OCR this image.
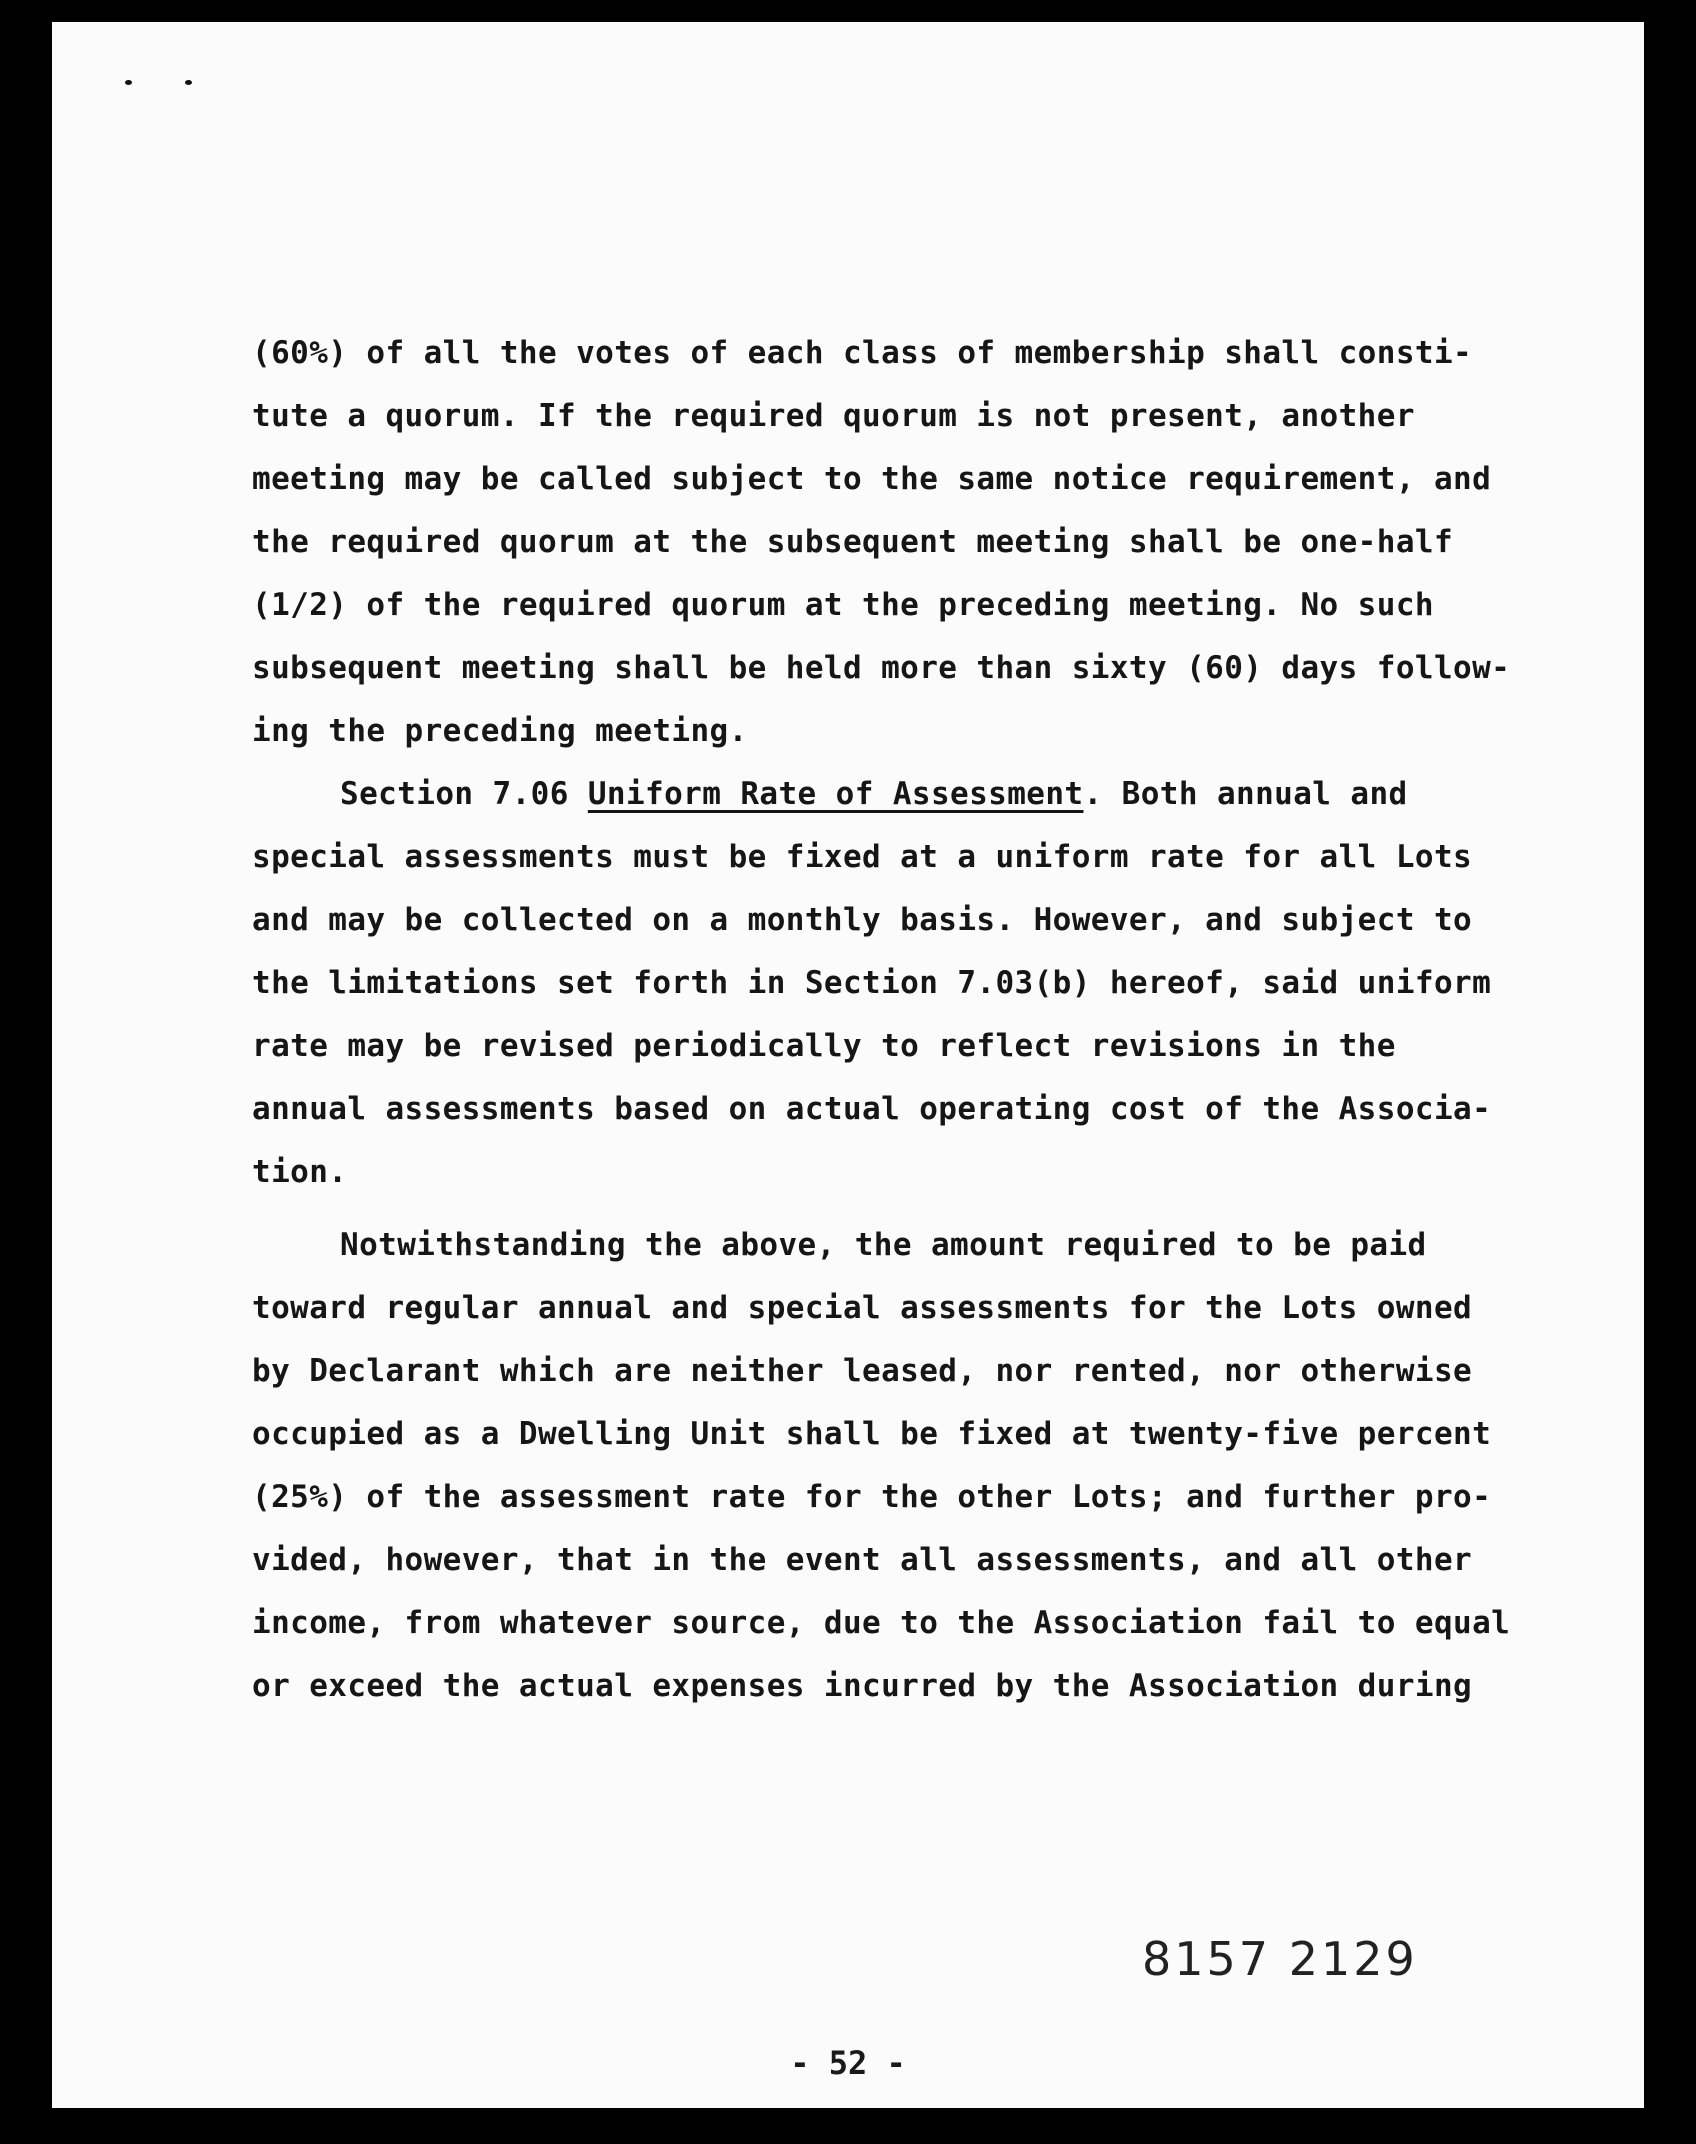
(60%) of all the votes of each class of membership shall consti-
tute a quorum. If the required quorum is not present, another
meeting may be called subject to the same notice requirement, and
the required quorum at the subsequent meeting shall be one-half
(1/2) of the required quorum at the preceding meeting. No such
subsequent meeting shall be held more than sixty (60) days follow-
ing the preceding meeting.
Section 7.06 Uniform Rate of Assessment. Both annual and
special assessments must be fixed at a uniform rate for all Lots
and may be collected on a monthly basis. However, and subject to
the limitations set forth in Section 7.03(b) hereof, said uniform
rate may be revised periodically to reflect revisions in the
annual assessments based on actual operating cost of the Associa-
tion.
Notwithstanding the above, the amount required to be paid
toward regular annual and special assessments for the Lots owned
by Declarant which are neither leased, nor rented, nor otherwise
occupied as a Dwelling Unit shall be fixed at twenty-five percent
(25%) of the assessment rate for the other Lots; and further pro-
vided, however, that in the event all assessments, and all other
income, from whatever source, due to the Association fail to equal
or exceed the actual expenses incurred by the Association during
8157 2129
- 52 -
